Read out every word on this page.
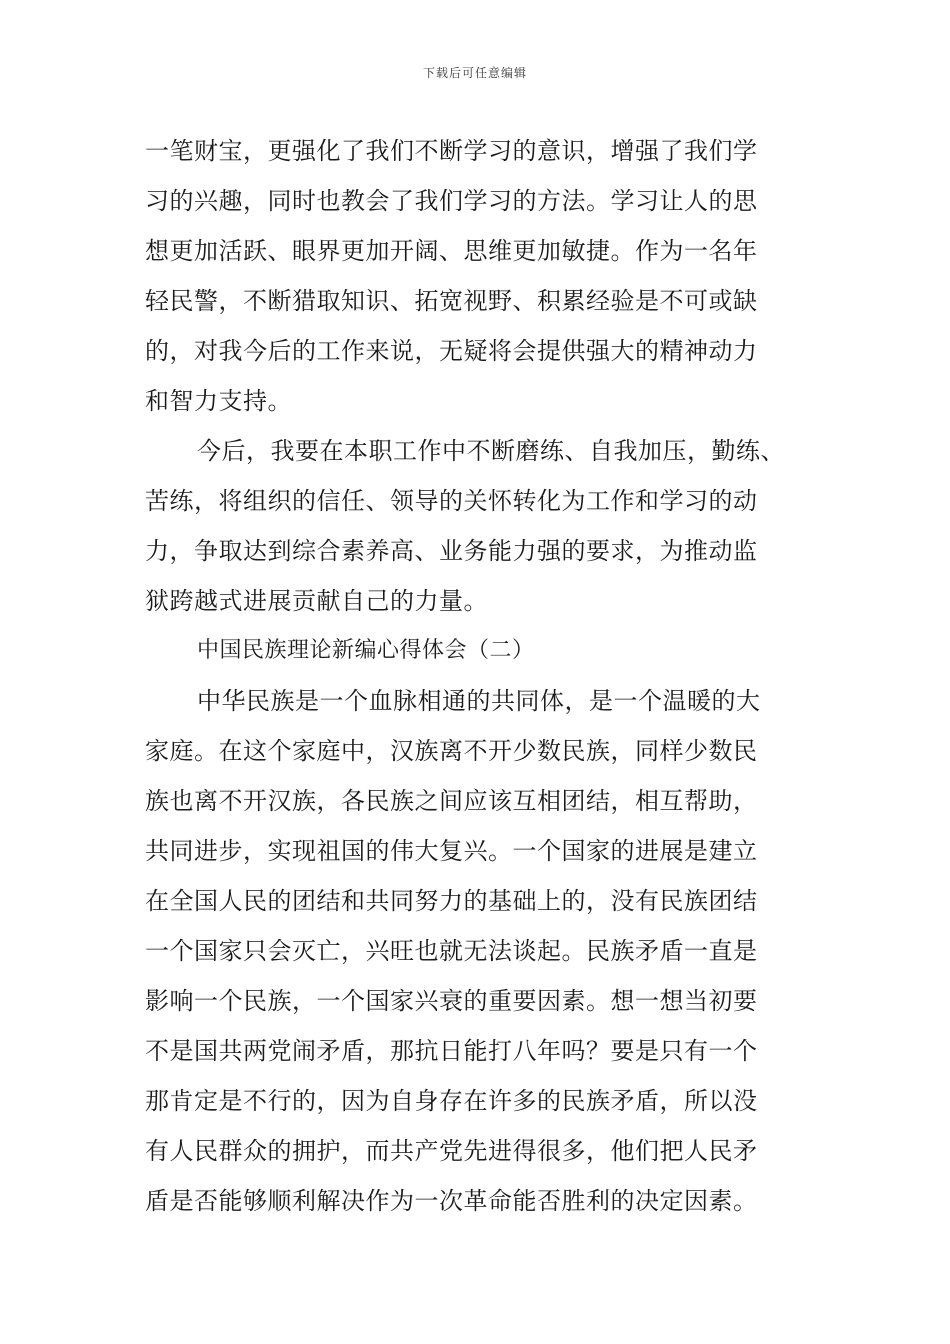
下载后可任意编辑
一笔财宝，更强化了我们不断学习的意识，增强了我们学
习的兴趣，同时也教会了我们学习的方法。学习让人的思
想更加活跃、眼界更加开阔、思维更加敏捷。作为一名年
轻民警，不断猎取知识、拓宽视野、积累经验是不可或缺
的，对我今后的工作来说，无疑将会提供强大的精神动力
和智力支持。
今后，我要在本职工作中不断磨练、自我加压，勤练、
苦练，将组织的信任、领导的关怀转化为工作和学习的动
力，争取达到综合素养高、业务能力强的要求，为推动监
狱跨越式进展贡献自己的力量。
中国民族理论新编心得体会（二）
中华民族是一个血脉相通的共同体，是一个温暖的大
家庭。在这个家庭中，汉族离不开少数民族，同样少数民
族也离不开汉族，各民族之间应该互相团结，相互帮助，
共同进步，实现祖国的伟大复兴。一个国家的进展是建立
在全国人民的团结和共同努力的基础上的，没有民族团结
一个国家只会灭亡，兴旺也就无法谈起。民族矛盾一直是
影响一个民族，一个国家兴衰的重要因素。想一想当初要
不是国共两党闹矛盾，那抗日能打八年吗？要是只有一个
那肯定是不行的，因为自身存在许多的民族矛盾，所以没
有人民群众的拥护，而共产党先进得很多，他们把人民矛
盾是否能够顺利解决作为一次革命能否胜利的决定因素。
